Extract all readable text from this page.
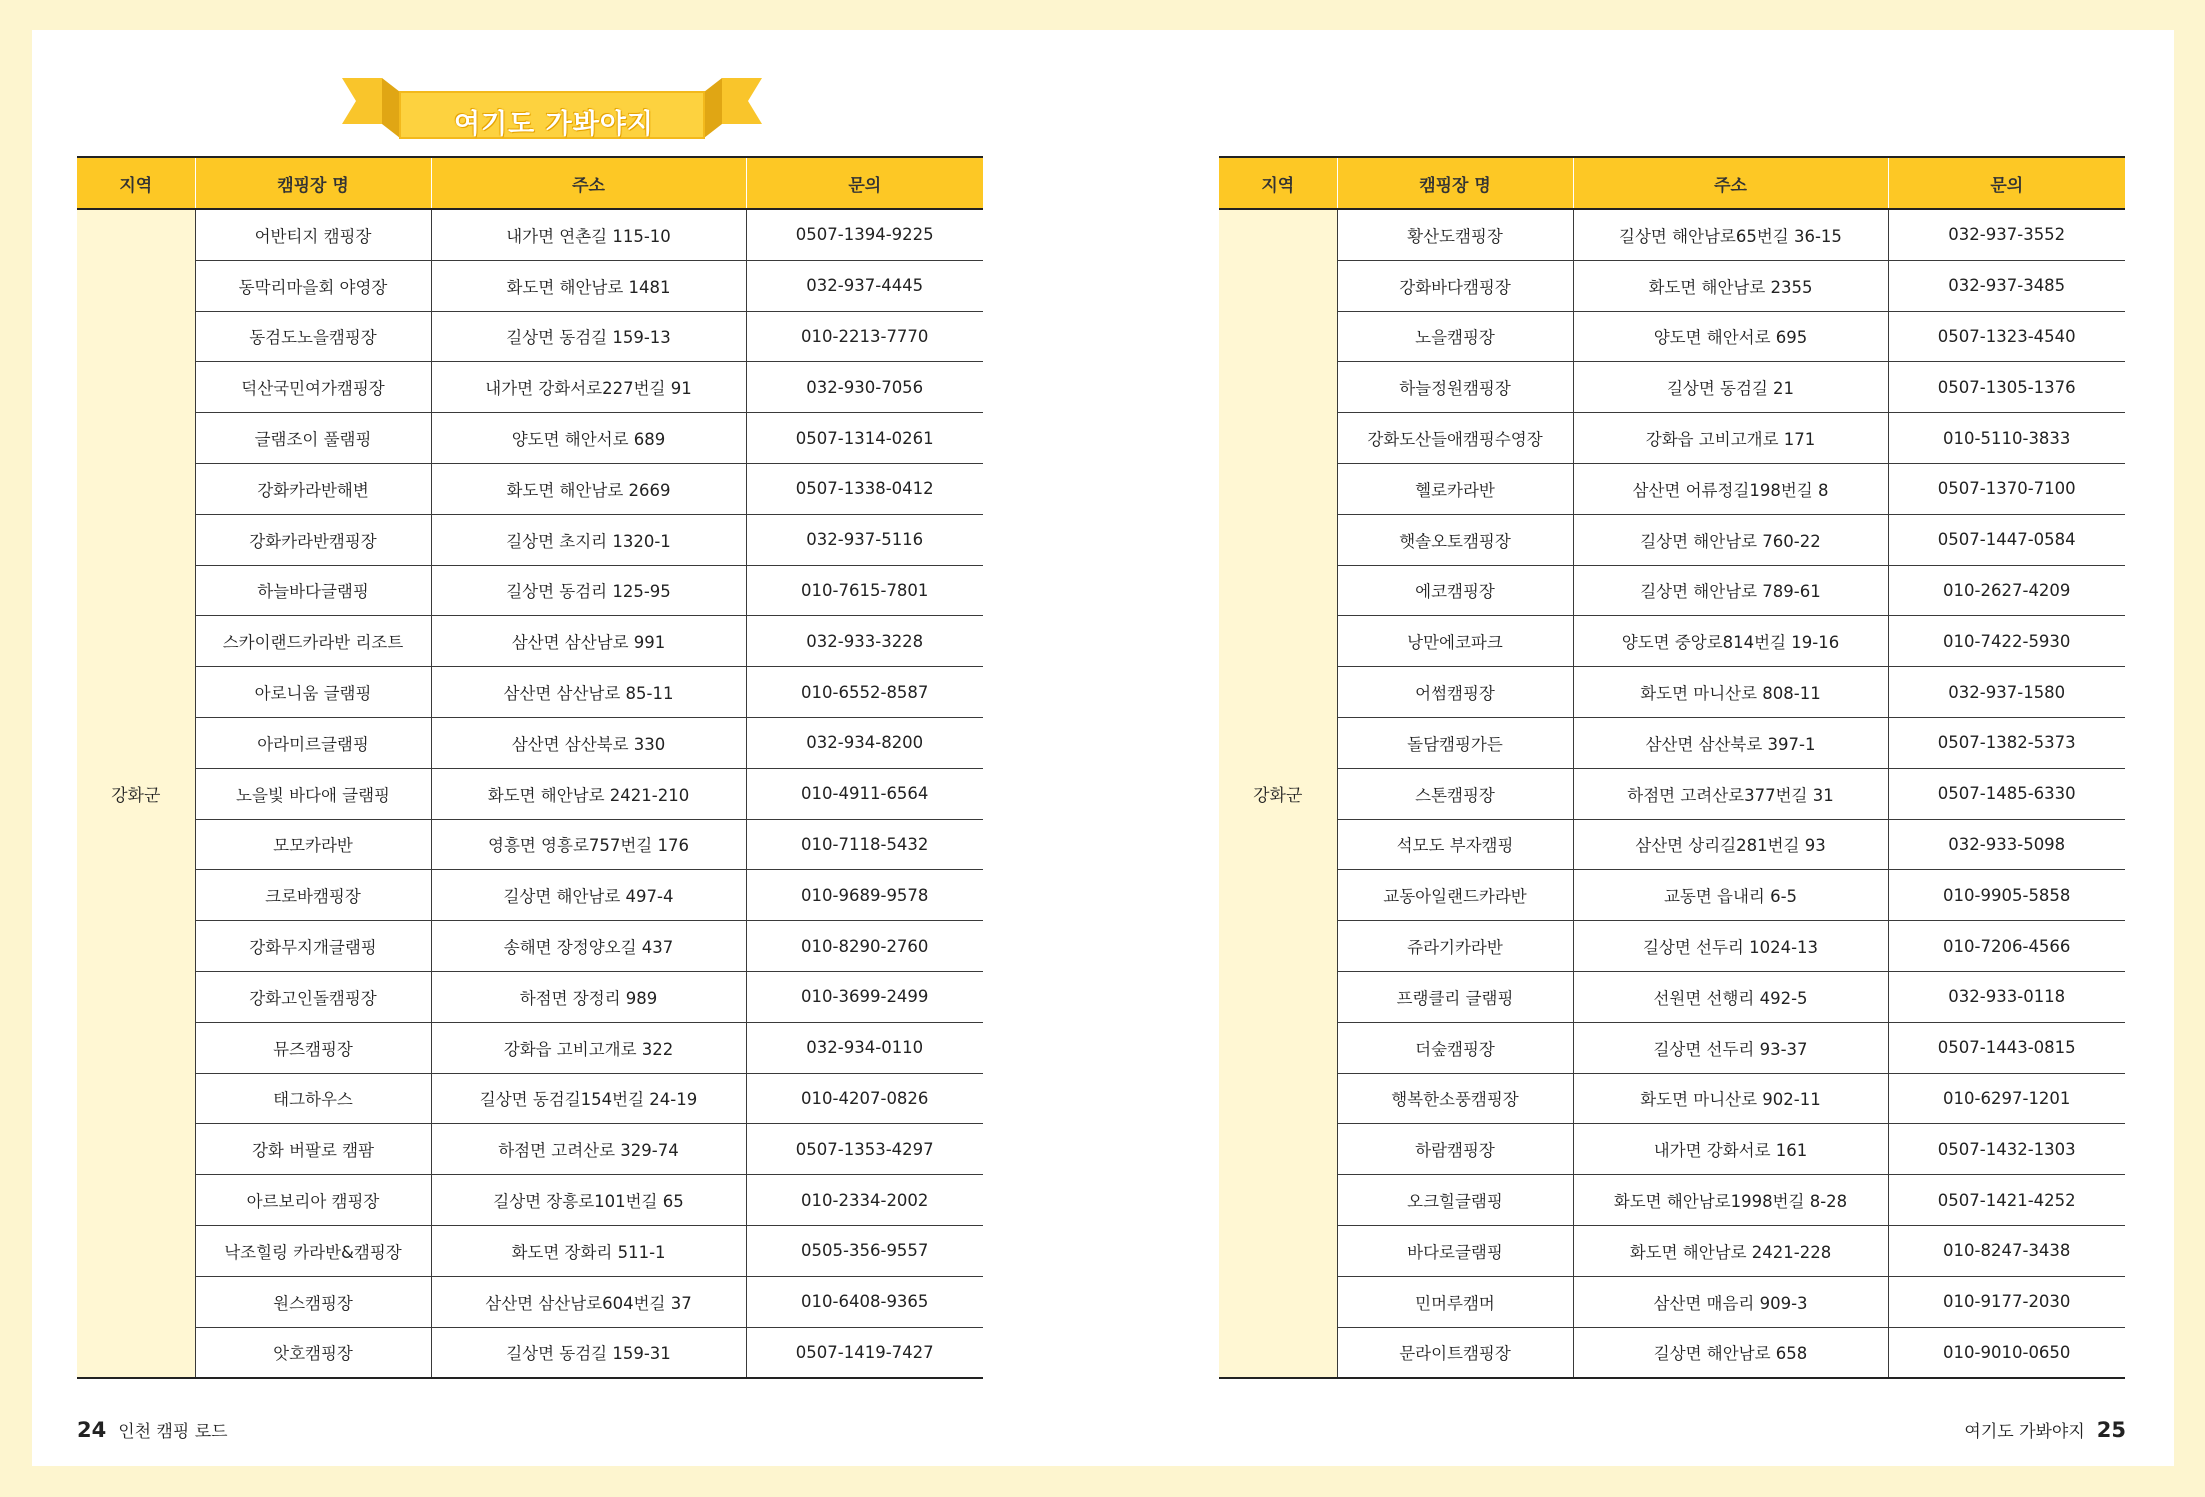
여기도 가봐야지
지역	캠핑장 명	주소	문의
강화군	어반티지 캠핑장	내가면 연촌길 115-10	0507-1394-9225
	동막리마을회 야영장	화도면 해안남로 1481	032-937-4445
	동검도노을캠핑장	길상면 동검길 159-13	010-2213-7770
	덕산국민여가캠핑장	내가면 강화서로227번길 91	032-930-7056
	글램조이 풀램핑	양도면 해안서로 689	0507-1314-0261
	강화카라반해변	화도면 해안남로 2669	0507-1338-0412
	강화카라반캠핑장	길상면 초지리 1320-1	032-937-5116
	하늘바다글램핑	길상면 동검리 125-95	010-7615-7801
	스카이랜드카라반 리조트	삼산면 삼산남로 991	032-933-3228
	아로니움 글램핑	삼산면 삼산남로 85-11	010-6552-8587
	아라미르글램핑	삼산면 삼산북로 330	032-934-8200
	노을빛 바다애 글램핑	화도면 해안남로 2421-210	010-4911-6564
	모모카라반	영흥면 영흥로757번길 176	010-7118-5432
	크로바캠핑장	길상면 해안남로 497-4	010-9689-9578
	강화무지개글램핑	송해면 장정양오길 437	010-8290-2760
	강화고인돌캠핑장	하점면 장정리 989	010-3699-2499
	뮤즈캠핑장	강화읍 고비고개로 322	032-934-0110
	태그하우스	길상면 동검길154번길 24-19	010-4207-0826
	강화 버팔로 캠팜	하점면 고려산로 329-74	0507-1353-4297
	아르보리아 캠핑장	길상면 장흥로101번길 65	010-2334-2002
	낙조힐링 카라반&캠핑장	화도면 장화리 511-1	0505-356-9557
	원스캠핑장	삼산면 삼산남로604번길 37	010-6408-9365
	앗호캠핑장	길상면 동검길 159-31	0507-1419-7427
지역	캠핑장 명	주소	문의
강화군	황산도캠핑장	길상면 해안남로65번길 36-15	032-937-3552
	강화바다캠핑장	화도면 해안남로 2355	032-937-3485
	노을캠핑장	양도면 해안서로 695	0507-1323-4540
	하늘정원캠핑장	길상면 동검길 21	0507-1305-1376
	강화도산들애캠핑수영장	강화읍 고비고개로 171	010-5110-3833
	헬로카라반	삼산면 어류정길198번길 8	0507-1370-7100
	햇솔오토캠핑장	길상면 해안남로 760-22	0507-1447-0584
	에코캠핑장	길상면 해안남로 789-61	010-2627-4209
	낭만에코파크	양도면 중앙로814번길 19-16	010-7422-5930
	어썸캠핑장	화도면 마니산로 808-11	032-937-1580
	돌담캠핑가든	삼산면 삼산북로 397-1	0507-1382-5373
	스톤캠핑장	하점면 고려산로377번길 31	0507-1485-6330
	석모도 부자캠핑	삼산면 상리길281번길 93	032-933-5098
	교동아일랜드카라반	교동면 읍내리 6-5	010-9905-5858
	쥬라기카라반	길상면 선두리 1024-13	010-7206-4566
	프랭클리 글램핑	선원면 선행리 492-5	032-933-0118
	더숲캠핑장	길상면 선두리 93-37	0507-1443-0815
	행복한소풍캠핑장	화도면 마니산로 902-11	010-6297-1201
	하람캠핑장	내가면 강화서로 161	0507-1432-1303
	오크힐글램핑	화도면 해안남로1998번길 8-28	0507-1421-4252
	바다로글램핑	화도면 해안남로 2421-228	010-8247-3438
	민머루캠머	삼산면 매음리 909-3	010-9177-2030
	문라이트캠핑장	길상면 해안남로 658	010-9010-0650
24 인천 캠핑 로드	여기도 가봐야지 25
